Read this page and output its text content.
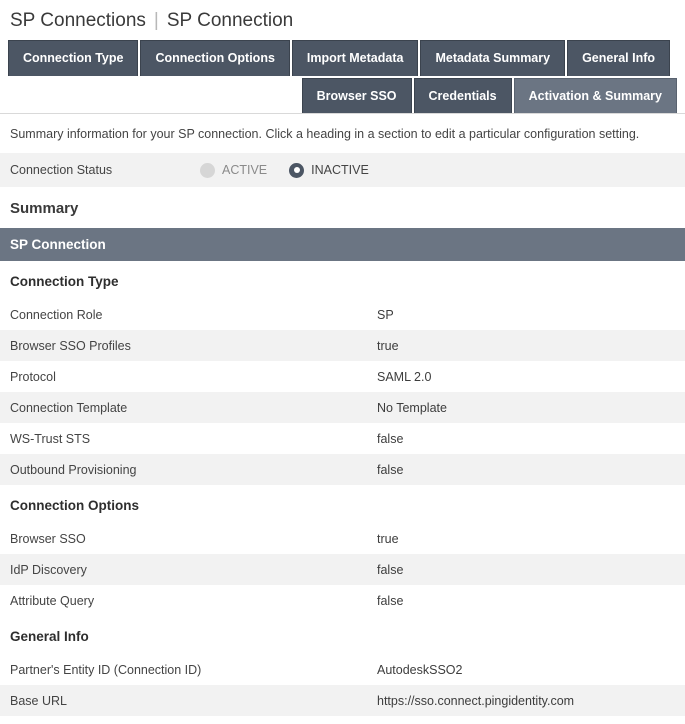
SP Connections | SP Connection
Connection Type	Connection Options	Import Metadata	Metadata Summary	General Info
Browser SSO	Credentials	Activation & Summary
Summary information for your SP connection. Click a heading in a section to edit a particular configuration setting.
Connection Status	ACTIVE	INACTIVE
Summary
SP Connection
Connection Type
Connection Role	SP
Browser SSO Profiles	true
Protocol	SAML 2.0
Connection Template	No Template
WS-Trust STS	false
Outbound Provisioning	false
Connection Options
Browser SSO	true
IdP Discovery	false
Attribute Query	false
General Info
Partner's Entity ID (Connection ID)	AutodeskSSO2
Base URL	https://sso.connect.pingidentity.com
